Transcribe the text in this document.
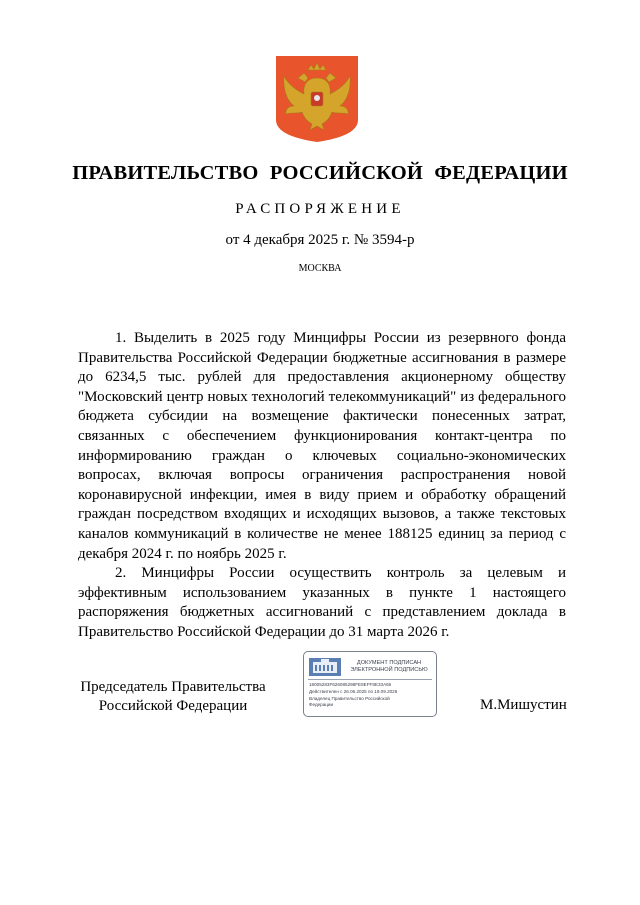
ПРАВИТЕЛЬСТВО РОССИЙСКОЙ ФЕДЕРАЦИИ
РАСПОРЯЖЕНИЕ
от 4 декабря 2025 г. № 3594-р
МОСКВА

1. Выделить в 2025 году Минцифры России из резервного фонда Правительства Российской Федерации бюджетные ассигнования в размере до 6234,5 тыс. рублей для предоставления акционерному обществу "Московский центр новых технологий телекоммуникаций" из федерального бюджета субсидии на возмещение фактически понесенных затрат, связанных с обеспечением функционирования контакт-центра по информированию граждан о ключевых социально-экономических вопросах, включая вопросы ограничения распространения новой коронавирусной инфекции, имея в виду прием и обработку обращений граждан посредством входящих и исходящих вызовов, а также текстовых каналов коммуникаций в количестве не менее 188125 единиц за период с декабря 2024 г. по ноябрь 2025 г.

2. Минцифры России осуществить контроль за целевым и эффективным использованием указанных в пункте 1 настоящего распоряжения бюджетных ассигнований с представлением доклада в Правительство Российской Федерации до 31 марта 2026 г.

Председатель Правительства
Российской Федерации
ДОКУМЕНТ ПОДПИСАН
ЭЛЕКТРОННОЙ ПОДПИСЬЮ
18005283F626085298FE8EFF8E33A66
Действителен с 26.06.2025 по 19.09.2026
Владелец Правительство Российской
Федерации	М.Мишустин
